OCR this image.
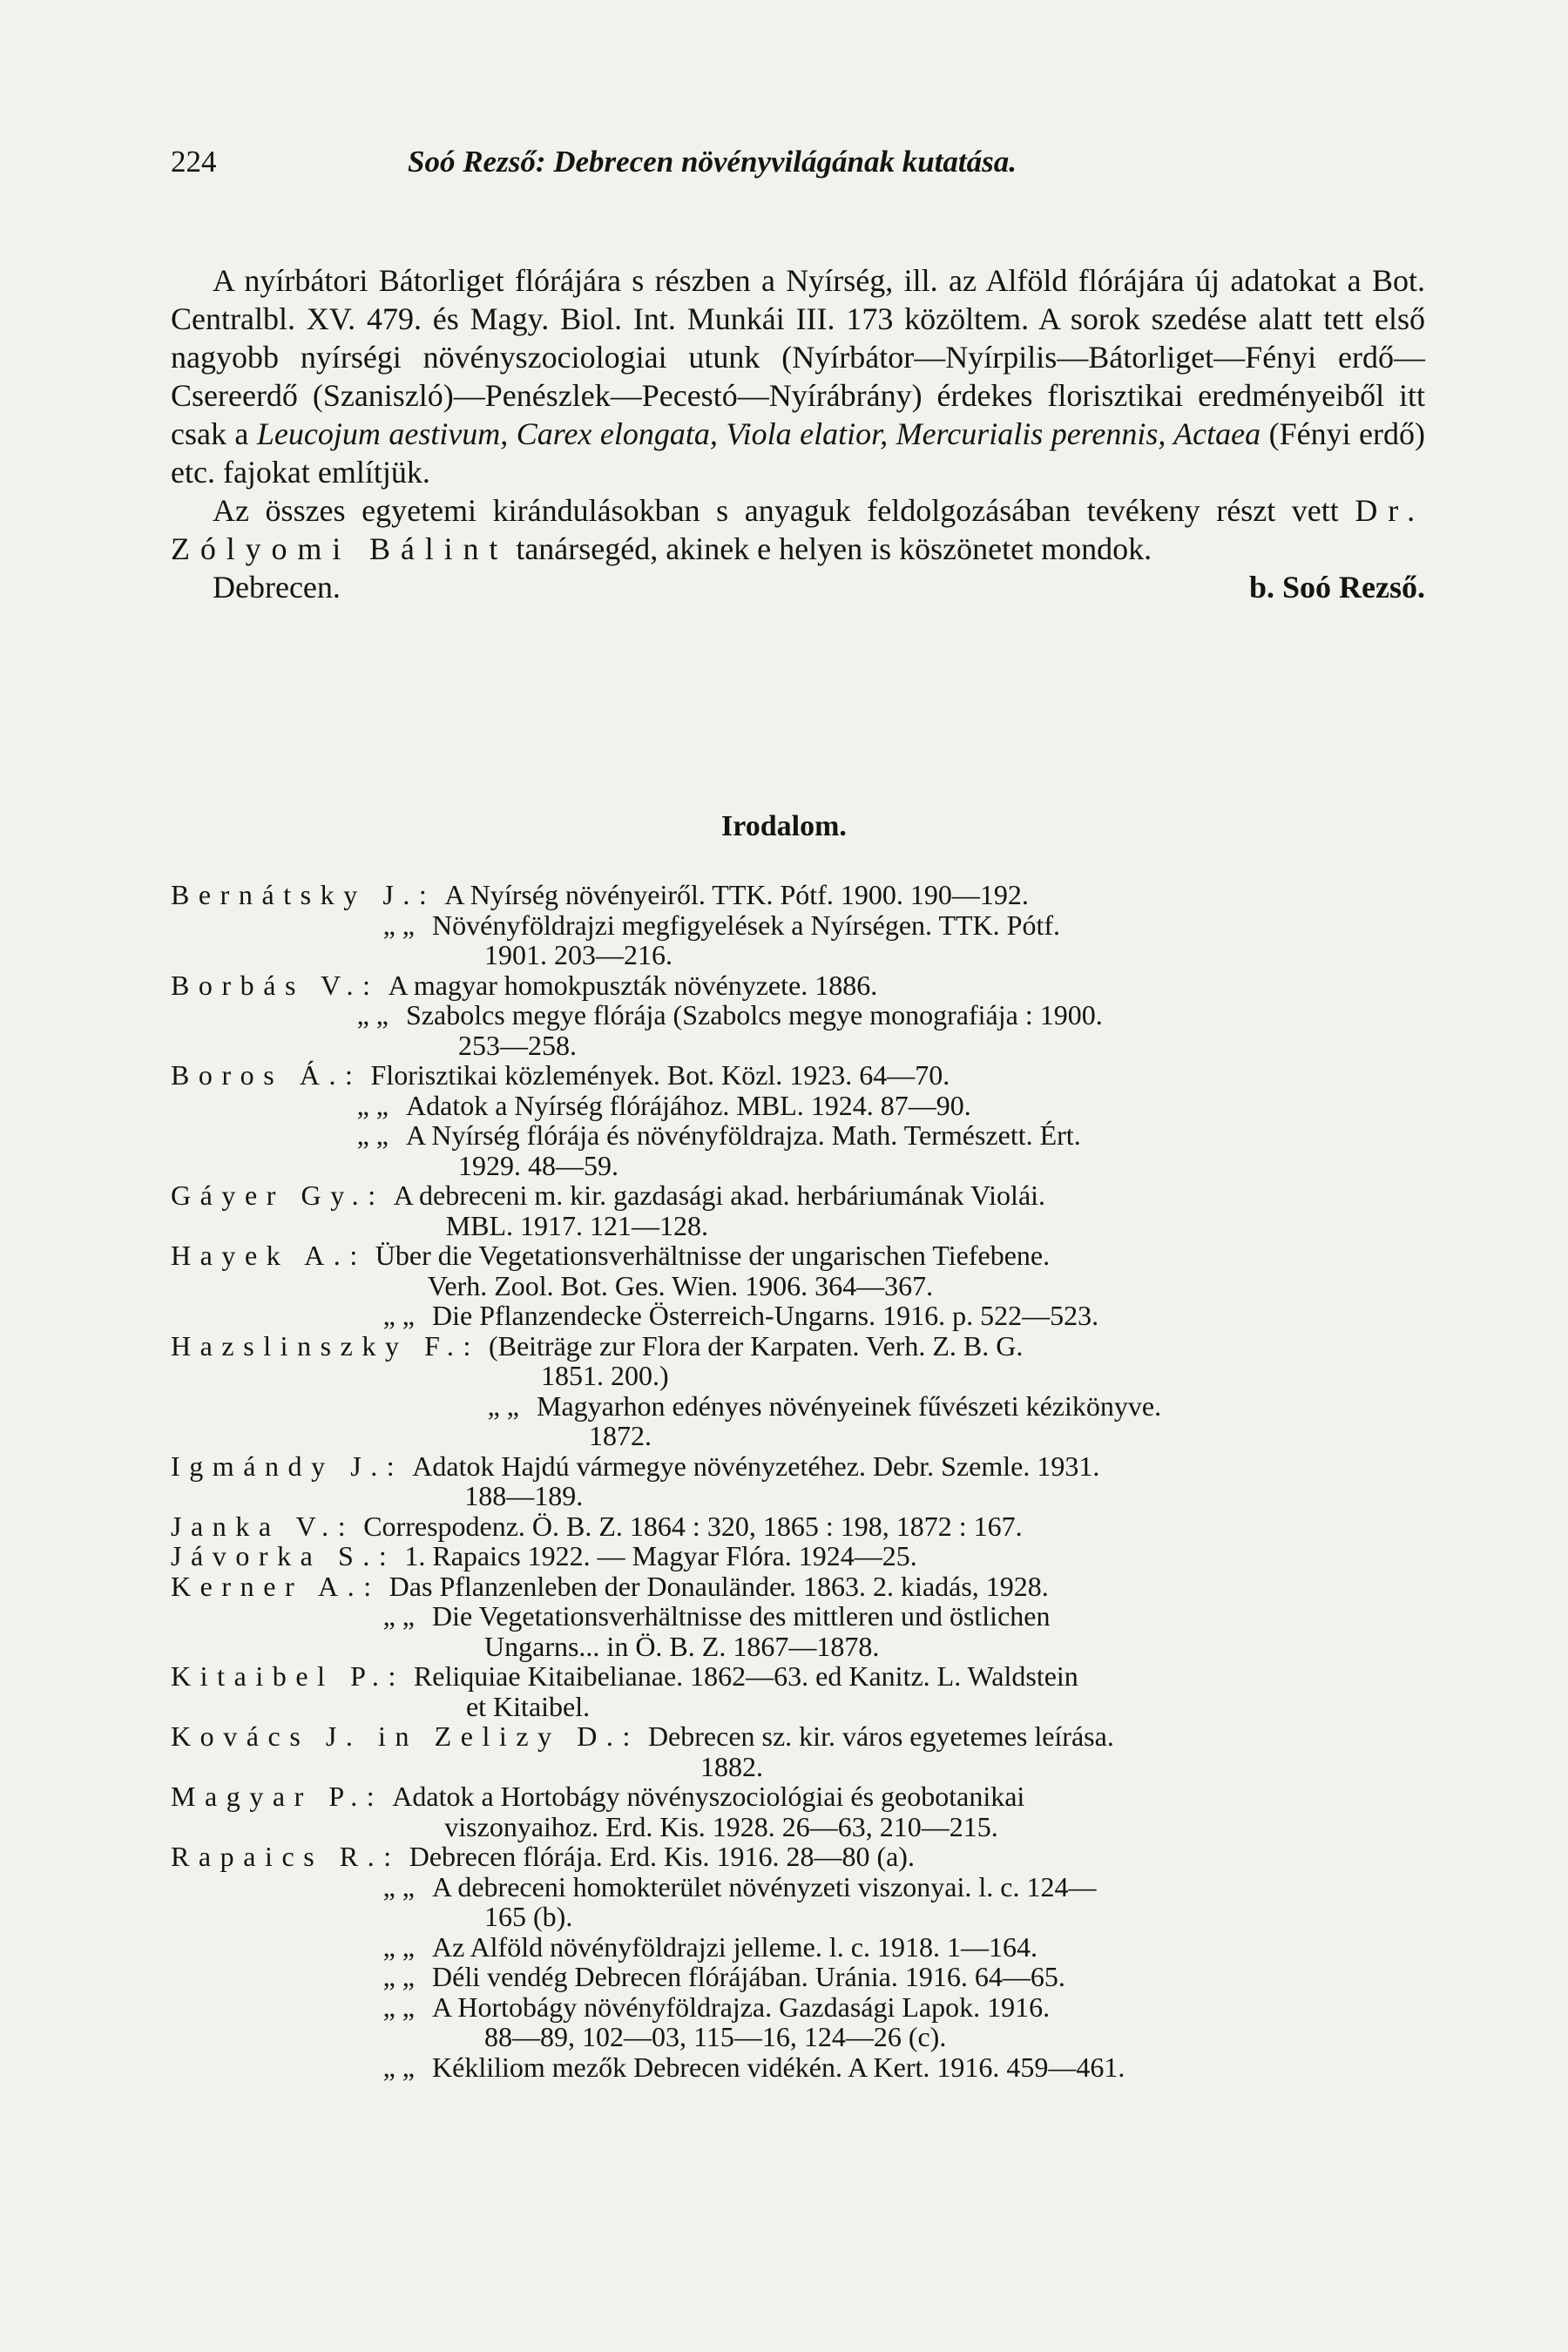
224	Soó Rezső: Debrecen növényvilágának kutatása.

A nyírbátori Bátorliget flórájára s részben a Nyírség, ill. az Alföld flórájára új adatokat a Bot. Centralbl. XV. 479. és Magy. Biol. Int. Munkái III. 173 közöltem. A sorok szedése alatt tett első nagyobb nyírségi növényszociologiai utunk (Nyírbátor—Nyírpilis—Bátorliget—Fényi erdő—Csereerdő (Szaniszló)—Penészlek—Pecestó—Nyírábrány) érdekes florisztikai eredményeiből itt csak a Leucojum aestivum, Carex elongata, Viola elatior, Mercurialis perennis, Actaea (Fényi erdő) etc. fajokat említjük.

Az összes egyetemi kirándulásokban s anyaguk feldolgozásában tevékeny részt vett Dr. Zólyomi Bálint tanársegéd, akinek e helyen is köszönetet mondok.

Debrecen.	b. Soó Rezső.
Irodalom.
Bernátsky J.: A Nyírség növényeiről. TTK. Pótf. 1900. 190—192.
„ „ Növényföldrajzi megfigyelések a Nyírségen. TTK. Pótf.
1901. 203—216.
Borbás V.: A magyar homokpuszták növényzete. 1886.
„ „ Szabolcs megye flórája (Szabolcs megye monografiája : 1900.
253—258.
Boros Á.: Florisztikai közlemények. Bot. Közl. 1923. 64—70.
„ „ Adatok a Nyírség flórájához. MBL. 1924. 87—90.
„ „ A Nyírség flórája és növényföldrajza. Math. Természett. Ért.
1929. 48—59.
Gáyer Gy.: A debreceni m. kir. gazdasági akad. herbáriumának Violái.
MBL. 1917. 121—128.
Hayek A.: Über die Vegetationsverhältnisse der ungarischen Tiefebene.
Verh. Zool. Bot. Ges. Wien. 1906. 364—367.
„ „ Die Pflanzendecke Österreich-Ungarns. 1916. p. 522—523.
Hazslinszky F.: (Beiträge zur Flora der Karpaten. Verh. Z. B. G.
1851. 200.)
„ „ Magyarhon edényes növényeinek fűvészeti kézikönyve.
1872.
Igmándy J.: Adatok Hajdú vármegye növényzetéhez. Debr. Szemle. 1931.
188—189.
Janka V.: Correspodenz. Ö. B. Z. 1864 : 320, 1865 : 198, 1872 : 167.
Jávorka S.: 1. Rapaics 1922. — Magyar Flóra. 1924—25.
Kerner A.: Das Pflanzenleben der Donauländer. 1863. 2. kiadás, 1928.
„ „ Die Vegetationsverhältnisse des mittleren und östlichen
Ungarns... in Ö. B. Z. 1867—1878.
Kitaibel P.: Reliquiae Kitaibelianae. 1862—63. ed Kanitz. L. Waldstein
et Kitaibel.
Kovács J. in Zelizy D.: Debrecen sz. kir. város egyetemes leírása.
1882.
Magyar P.: Adatok a Hortobágy növényszociológiai és geobotanikai
viszonyaihoz. Erd. Kis. 1928. 26—63, 210—215.
Rapaics R.: Debrecen flórája. Erd. Kis. 1916. 28—80 (a).
„ „ A debreceni homokterület növényzeti viszonyai. l. c. 124—
165 (b).
„ „ Az Alföld növényföldrajzi jelleme. l. c. 1918. 1—164.
„ „ Déli vendég Debrecen flórájában. Uránia. 1916. 64—65.
„ „ A Hortobágy növényföldrajza. Gazdasági Lapok. 1916.
88—89, 102—03, 115—16, 124—26 (c).
„ „ Kékliliom mezők Debrecen vidékén. A Kert. 1916. 459—461.
